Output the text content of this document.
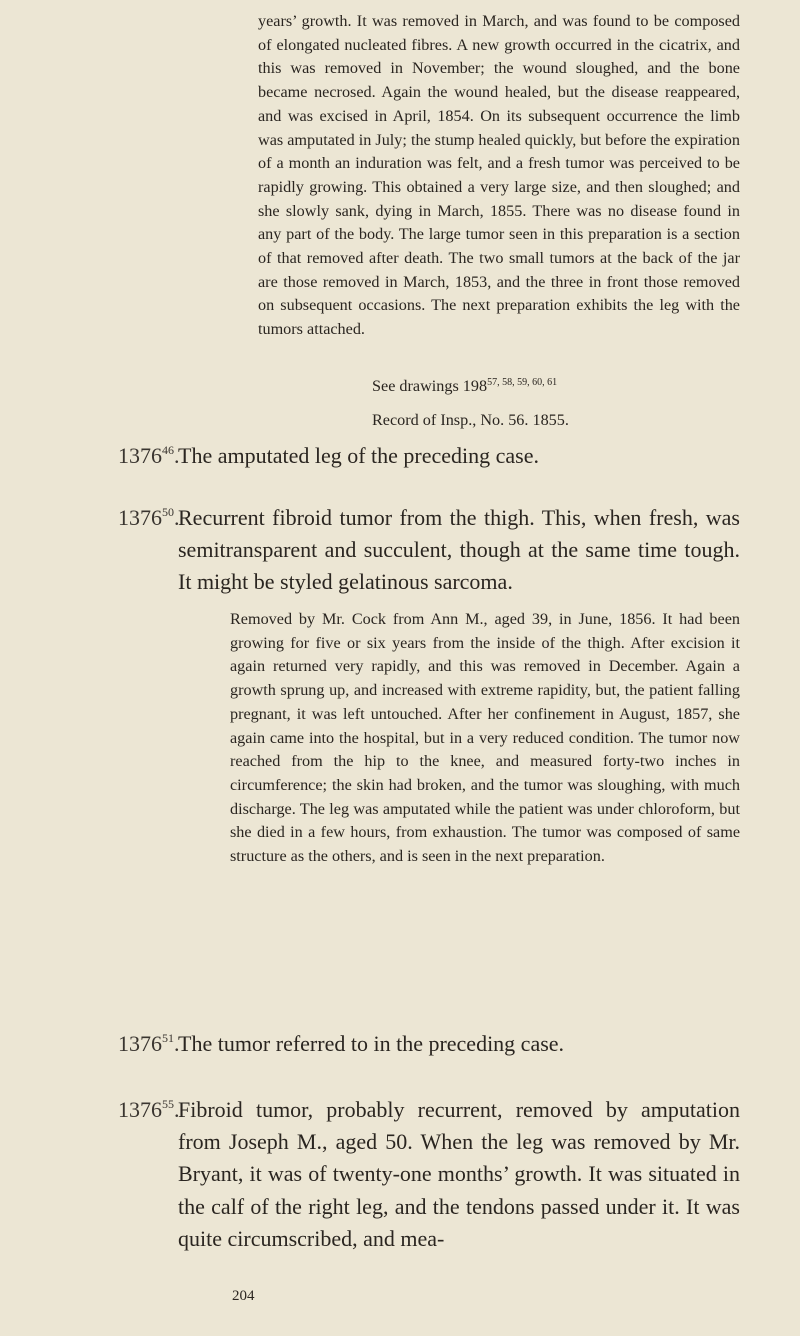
years’ growth. It was removed in March, and was found to be composed of elongated nucleated fibres. A new growth occurred in the cicatrix, and this was removed in November; the wound sloughed, and the bone became necrosed. Again the wound healed, but the disease reappeared, and was excised in April, 1854. On its subsequent occurrence the limb was amputated in July; the stump healed quickly, but before the expiration of a month an induration was felt, and a fresh tumor was perceived to be rapidly growing. This obtained a very large size, and then sloughed; and she slowly sank, dying in March, 1855. There was no disease found in any part of the body. The large tumor seen in this preparation is a section of that removed after death. The two small tumors at the back of the jar are those removed in March, 1853, and the three in front those removed on subsequent occasions. The next preparation exhibits the leg with the tumors attached.

See drawings 198$^{57, 58, 59, 60, 61}$
Record of Insp., No. 56. 1855.
1376$^{46}$.
The amputated leg of the preceding case.
1376$^{50}$.
Recurrent fibroid tumor from the thigh. This, when fresh, was semitransparent and succulent, though at the same time tough. It might be styled gelatinous sarcoma.

Removed by Mr. Cock from Ann M., aged 39, in June, 1856. It had been growing for five or six years from the inside of the thigh. After excision it again returned very rapidly, and this was removed in December. Again a growth sprung up, and increased with extreme rapidity, but, the patient falling pregnant, it was left untouched. After her confinement in August, 1857, she again came into the hospital, but in a very reduced condition. The tumor now reached from the hip to the knee, and measured forty-two inches in circumference; the skin had broken, and the tumor was sloughing, with much discharge. The leg was amputated while the patient was under chloroform, but she died in a few hours, from exhaustion. The tumor was composed of same structure as the others, and is seen in the next preparation.

1376$^{51}$.
The tumor referred to in the preceding case.
1376$^{55}$.
Fibroid tumor, probably recurrent, removed by amputation from Joseph M., aged 50. When the leg was removed by Mr. Bryant, it was of twenty-one months’ growth. It was situated in the calf of the right leg, and the tendons passed under it. It was quite circumscribed, and mea-
204
